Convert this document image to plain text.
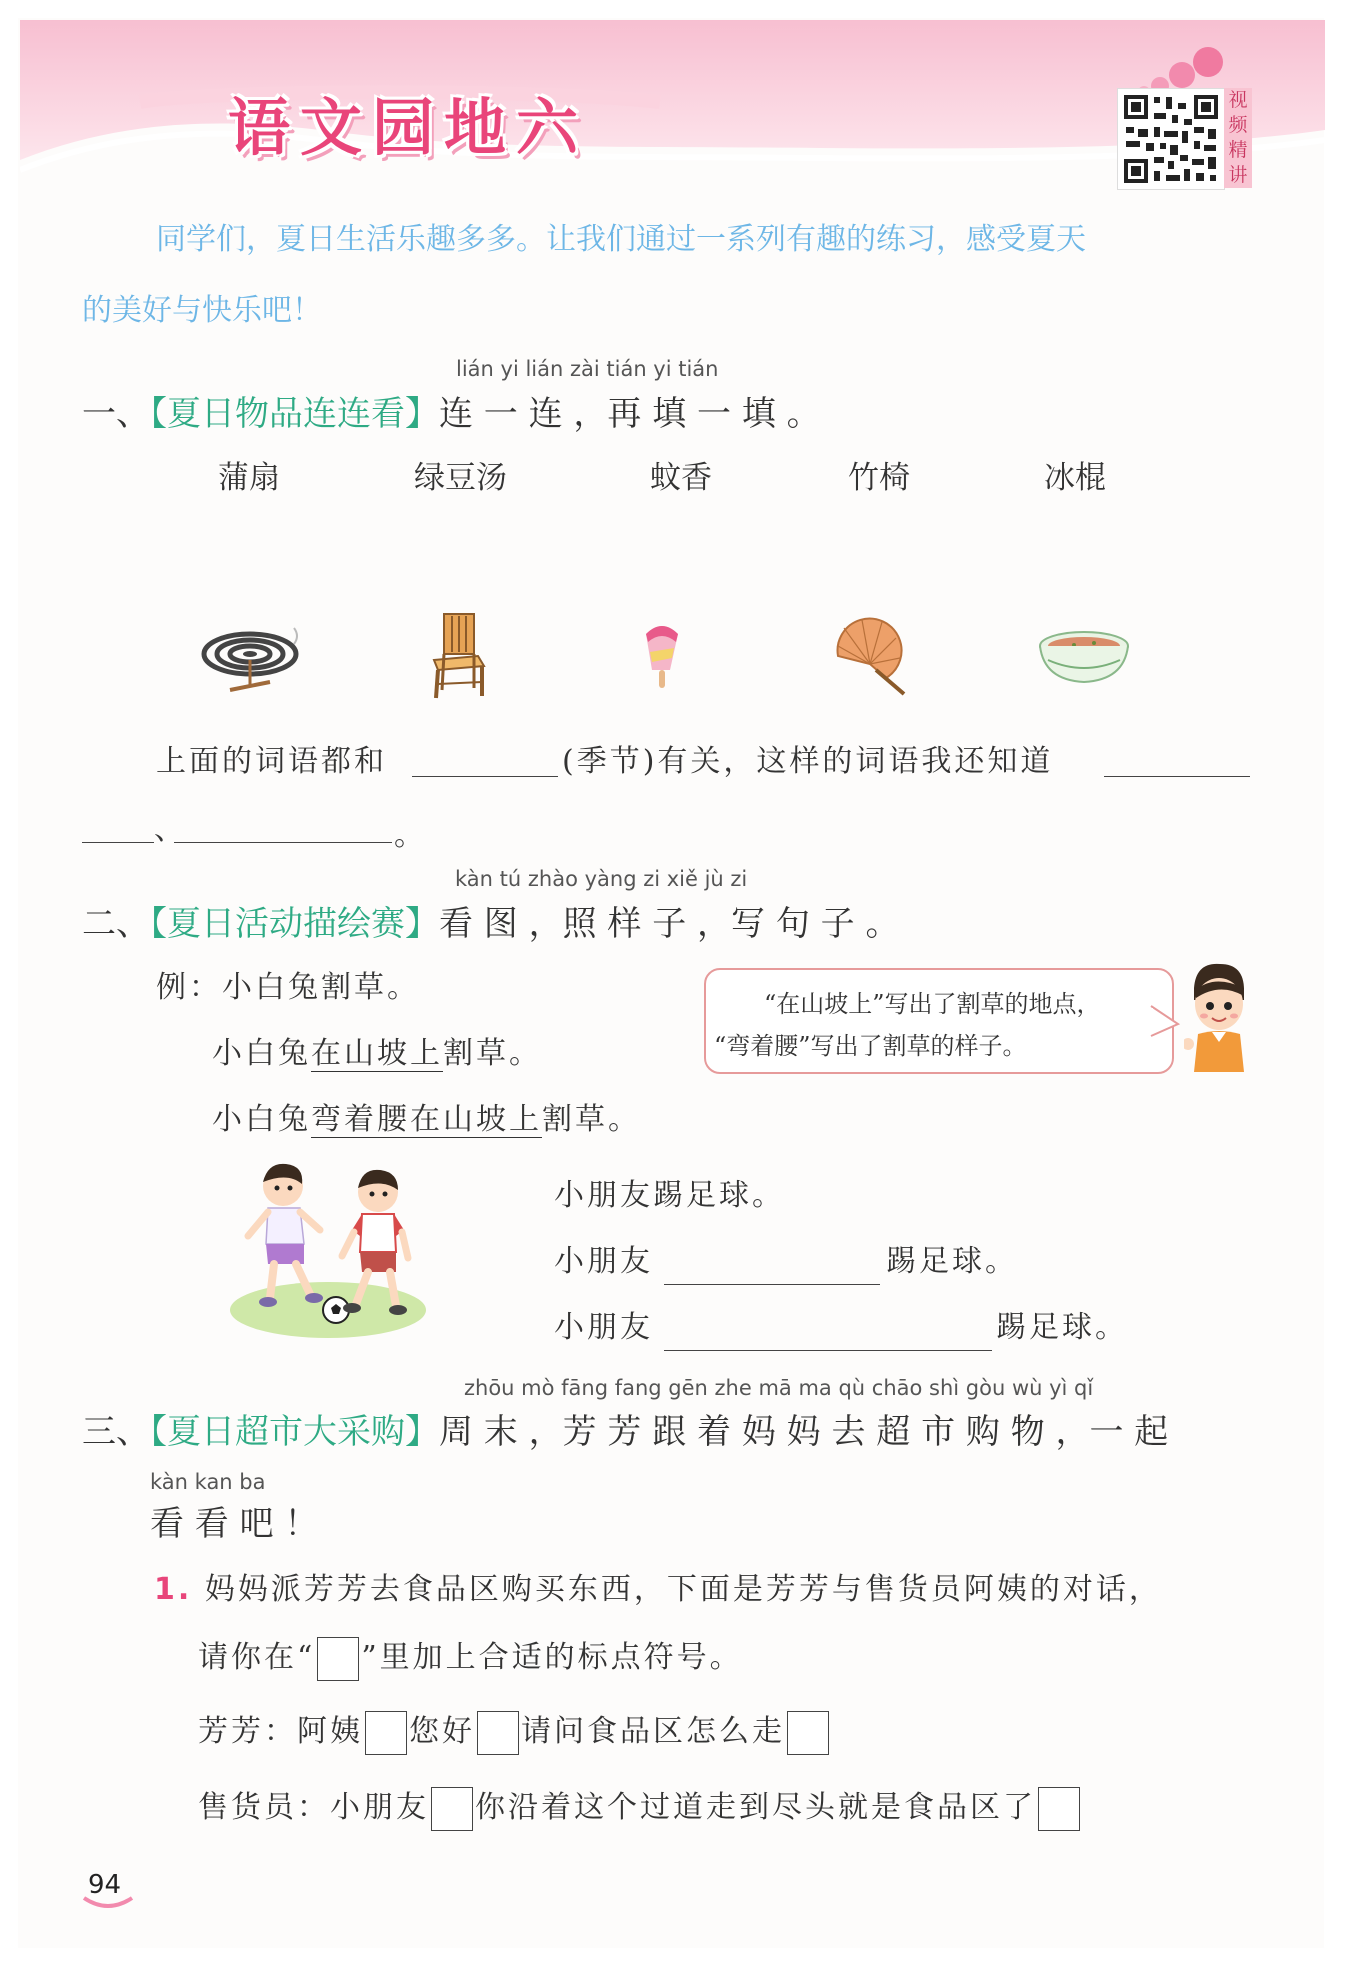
语文园地六	视
频
精
讲
同学们，夏日生活乐趣多多。让我们通过一系列有趣的练习，感受夏天
的美好与快乐吧！
lián yi lián zài tián yi tián
一、【夏日物品连连看】连 一 连 ，再 填 一 填 。
蒲扇	绿豆汤	蚊香	竹椅	冰棍
上面的词语都和	(季节)有关，这样的词语我还知道
、	。
kàn tú zhào yàng zi xiě jù zi
二、【夏日活动描绘赛】看 图 ，照 样 子 ，写 句 子 。
例：小白兔割草。
小白兔在山坡上割草。
小白兔弯着腰在山坡上割草。
“在山坡上”写出了割草的地点，
“弯着腰”写出了割草的样子。
小朋友踢足球。
小朋友	踢足球。
小朋友	踢足球。
zhōu mò fāng fang gēn zhe mā ma qù chāo shì gòu wù yì qǐ
三、【夏日超市大采购】周 末 ，芳 芳 跟 着 妈 妈 去 超 市 购 物 ，一 起
kàn kan ba
看 看 吧 ！
1. 妈妈派芳芳去食品区购买东西，下面是芳芳与售货员阿姨的对话，
请你在“ ”里加上合适的标点符号。
芳芳：阿姨 您好 请问食品区怎么走
售货员：小朋友 你沿着这个过道走到尽头就是食品区了
94
